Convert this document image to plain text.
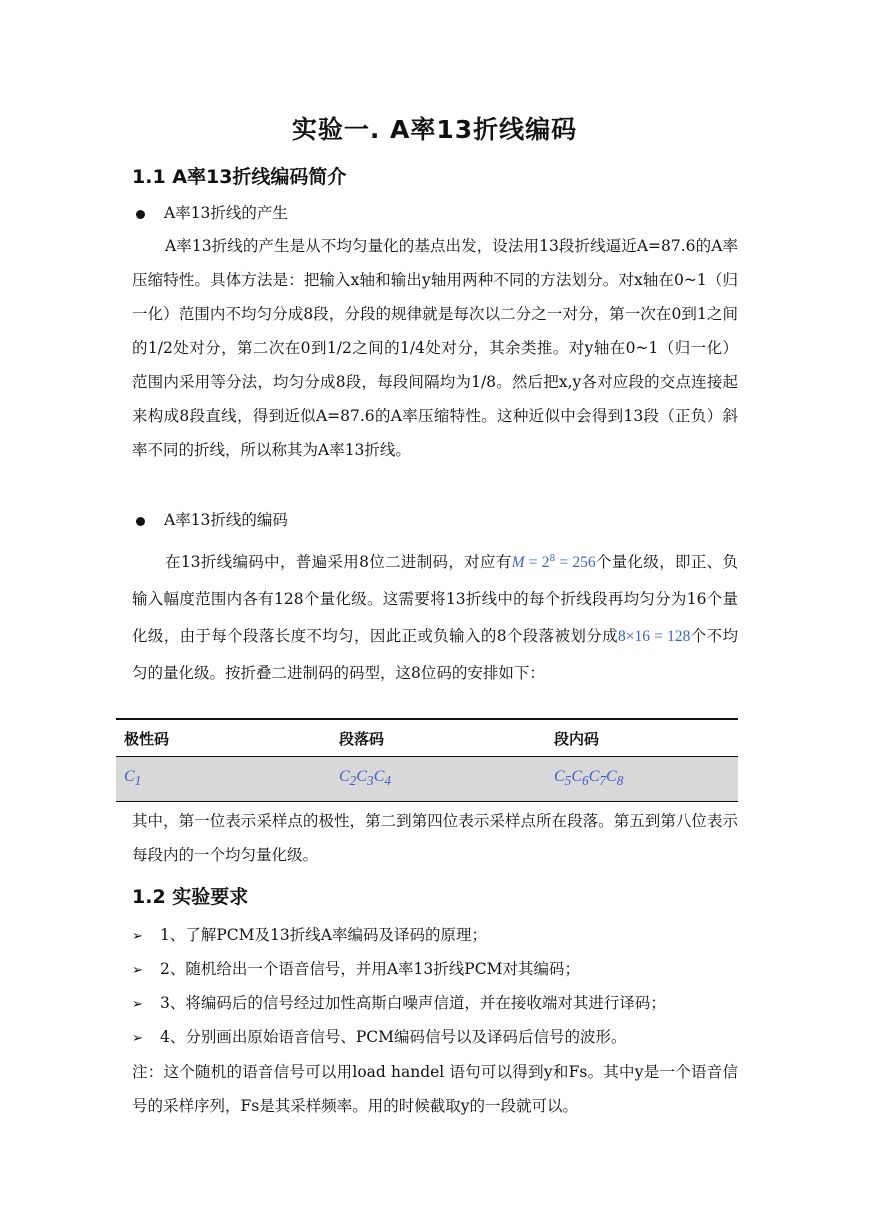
实验一. A率13折线编码
1.1 A率13折线编码简介
A率13折线的产生
A率13折线的产生是从不均匀量化的基点出发，设法用13段折线逼近A=87.6的A率压缩特性。具体方法是：把输入x轴和输出y轴用两种不同的方法划分。对x轴在0~1（归一化）范围内不均匀分成8段，分段的规律就是每次以二分之一对分，第一次在0到1之间的1/2处对分，第二次在0到1/2之间的1/4处对分，其余类推。对y轴在0~1（归一化）范围内采用等分法，均匀分成8段，每段间隔均为1/8。然后把x,y各对应段的交点连接起来构成8段直线，得到近似A=87.6的A率压缩特性。这种近似中会得到13段（正负）斜率不同的折线，所以称其为A率13折线。
A率13折线的编码
在13折线编码中，普遍采用8位二进制码，对应有$M = 2^8 = 256$个量化级，即正、负输入幅度范围内各有128个量化级。这需要将13折线中的每个折线段再均匀分为16个量化级，由于每个段落长度不均匀，因此正或负输入的8个段落被划分成8×16 = 128个不均匀的量化级。按折叠二进制码的码型，这8位码的安排如下：
极性码	段落码	段内码
$C_1$	$C_2C_3C_4$	$C_5C_6C_7C_8$
其中，第一位表示采样点的极性，第二到第四位表示采样点所在段落。第五到第八位表示每段内的一个均匀量化级。
1.2 实验要求
➢ 1、了解PCM及13折线A率编码及译码的原理；
➢ 2、随机给出一个语音信号，并用A率13折线PCM对其编码；
➢ 3、将编码后的信号经过加性高斯白噪声信道，并在接收端对其进行译码；
➢ 4、分别画出原始语音信号、PCM编码信号以及译码后信号的波形。
注：这个随机的语音信号可以用load handel 语句可以得到y和Fs。其中y是一个语音信号的采样序列，Fs是其采样频率。用的时候截取y的一段就可以。
